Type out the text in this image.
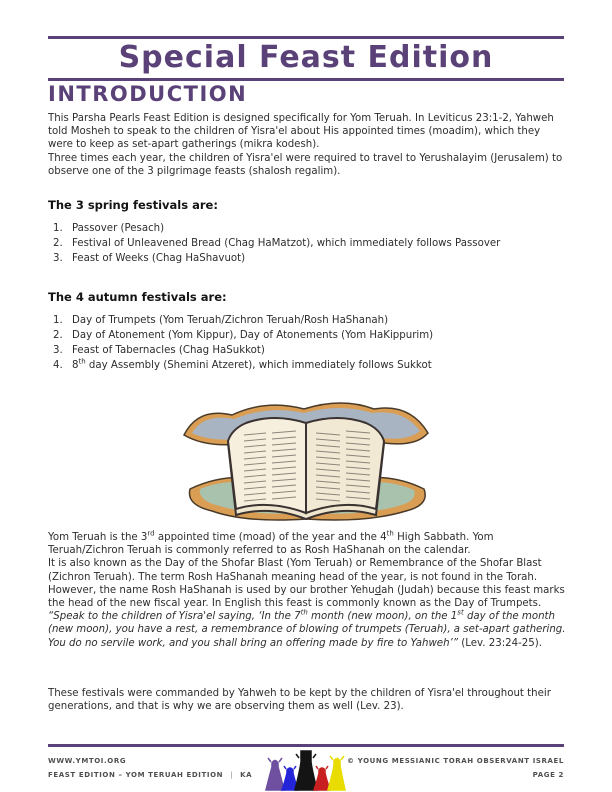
Special Feast Edition
INTRODUCTION
This Parsha Pearls Feast Edition is designed specifically for Yom Teruah. In Leviticus 23:1-2, Yahweh told Mosheh to speak to the children of Yisra'el about His appointed times (moadim), which they were to keep as set-apart gatherings (mikra kodesh).
Three times each year, the children of Yisra'el were required to travel to Yerushalayim (Jerusalem) to observe one of the 3 pilgrimage feasts (shalosh regalim).
The 3 spring festivals are:
1. Passover (Pesach)
2. Festival of Unleavened Bread (Chag HaMatzot), which immediately follows Passover
3. Feast of Weeks (Chag HaShavuot)
The 4 autumn festivals are:
1. Day of Trumpets (Yom Teruah/Zichron Teruah/Rosh HaShanah)
2. Day of Atonement (Yom Kippur), Day of Atonements (Yom HaKippurim)
3. Feast of Tabernacles (Chag HaSukkot)
4. 8th day Assembly (Shemini Atzeret), which immediately follows Sukkot
Yom Teruah is the 3rd appointed time (moad) of the year and the 4th High Sabbath. Yom Teruah/Zichron Teruah is commonly referred to as Rosh HaShanah on the calendar.
It is also known as the Day of the Shofar Blast (Yom Teruah) or Remembrance of the Shofar Blast (Zichron Teruah). The term Rosh HaShanah meaning head of the year, is not found in the Torah. However, the name Rosh HaShanah is used by our brother Yehudah (Judah) because this feast marks the head of the new fiscal year. In English this feast is commonly known as the Day of Trumpets. “Speak to the children of Yisra'el saying, ‘In the 7th month (new moon), on the 1st day of the month (new moon), you have a rest, a remembrance of blowing of trumpets (Teruah), a set-apart gathering. You do no servile work, and you shall bring an offering made by fire to Yahweh’” (Lev. 23:24-25).
These festivals were commanded by Yahweh to be kept by the children of Yisra'el throughout their generations, and that is why we are observing them as well (Lev. 23).
WWW.YMTOI.ORG
FEAST EDITION – YOM TERUAH EDITION | KA
© YOUNG MESSIANIC TORAH OBSERVANT ISRAEL
PAGE 2
